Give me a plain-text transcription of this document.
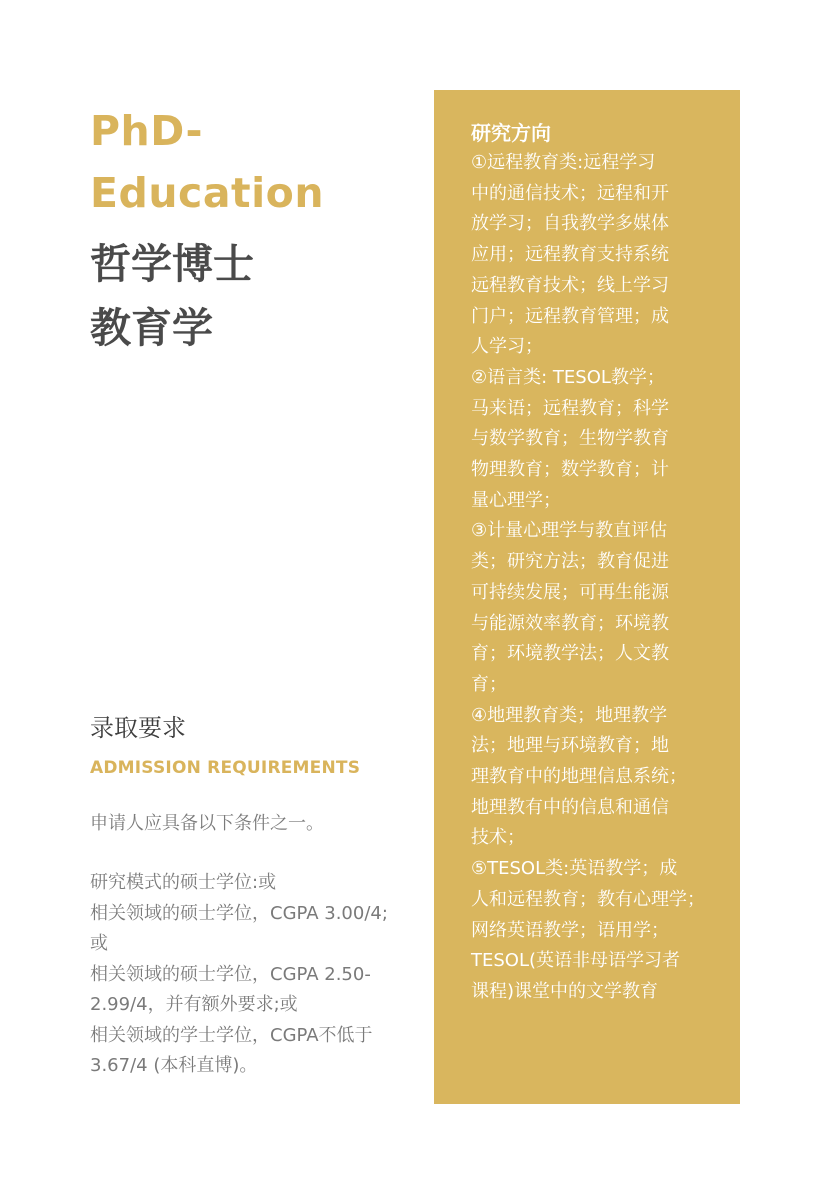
PhD-
Education
哲学博士
教育学
录取要求
ADMISSION REQUIREMENTS
申请人应具备以下条件之一。
研究模式的硕士学位:或
相关领域的硕士学位，CGPA 3.00/4;
或
相关领域的硕士学位，CGPA 2.50-
2.99/4，并有额外要求;或
相关领域的学士学位，CGPA不低于
3.67/4 (本科直博)。
研究方向
①远程教育类:远程学习
中的通信技术；远程和开
放学习；自我教学多媒体
应用；远程教育支持系统
远程教育技术；线上学习
门户；远程教育管理；成
人学习；
②语言类: TESOL教学；
马来语；远程教育；科学
与数学教育；生物学教育
物理教育；数学教育；计
量心理学；
③计量心理学与教直评估
类；研究方法；教育促进
可持续发展；可再生能源
与能源效率教育；环境教
育；环境教学法；人文教
育；
④地理教育类；地理教学
法；地理与环境教育；地
理教育中的地理信息系统；
地理教有中的信息和通信
技术；
⑤TESOL类:英语教学；成
人和远程教育；教有心理学；
网络英语教学；语用学；
TESOL(英语非母语学习者
课程)课堂中的文学教育
